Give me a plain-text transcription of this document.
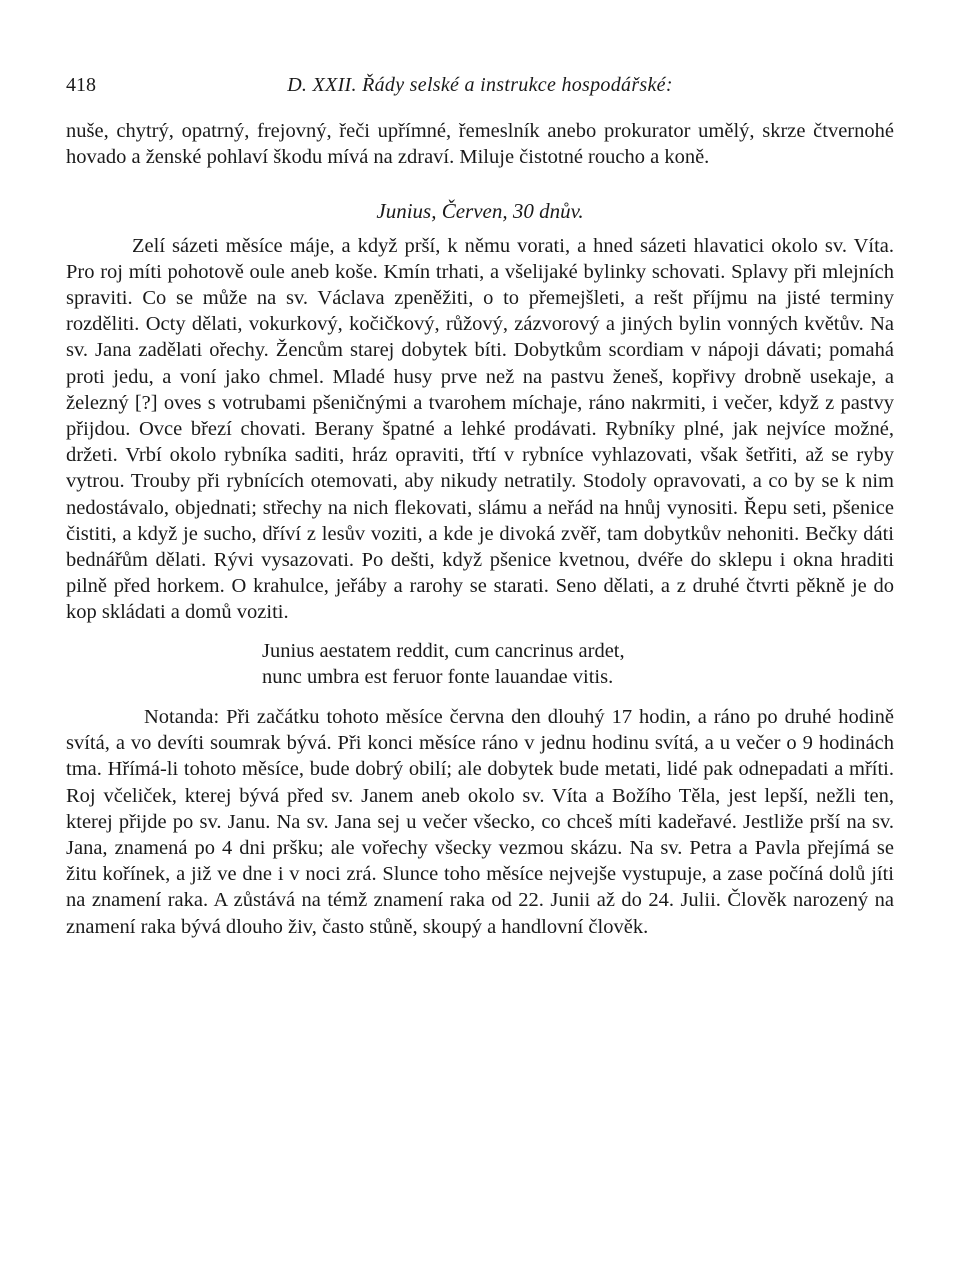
418	D. XXII. Řády selské a instrukce hospodářské:

nuše, chytrý, opatrný, frejovný, řeči upřímné, řemeslník anebo prokurator umělý, skrze čtvernohé hovado a ženské pohlaví škodu mívá na zdraví. Miluje čistotné roucho a koně.

Junius, Červen, 30 dnův.

Zelí sázeti měsíce máje, a když prší, k němu vorati, a hned sázeti hlavatici okolo sv. Víta. Pro roj míti pohotově oule aneb koše. Kmín trhati, a všelijaké bylinky schovati. Splavy při mlejních spraviti. Co se může na sv. Václava zpeněžiti, o to přemejšleti, a rešt příjmu na jisté terminy rozděliti. Octy dělati, vokurkový, kočičkový, růžový, zázvorový a jiných bylin vonných květův. Na sv. Jana zadělati ořechy. Žencům starej dobytek bíti. Dobytkům scordiam v nápoji dávati; pomahá proti jedu, a voní jako chmel. Mladé husy prve než na pastvu ženeš, kopřivy drobně usekaje, a železný [?] oves s votrubami pšeničnými a tvarohem míchaje, ráno nakrmiti, i večer, když z pastvy přijdou. Ovce březí chovati. Berany špatné a lehké prodávati. Rybníky plné, jak nejvíce možné, držeti. Vrbí okolo rybníka saditi, hráz opraviti, třtí v rybníce vyhlazovati, však šetřiti, až se ryby vytrou. Trouby při rybnících otemovati, aby nikudy netratily. Stodoly opravovati, a co by se k nim nedostávalo, objednati; střechy na nich flekovati, slámu a neřád na hnůj vynositi. Řepu seti, pšenice čistiti, a když je sucho, dříví z lesův voziti, a kde je divoká zvěř, tam dobytkův nehoniti. Bečky dáti bednářům dělati. Rývi vysazovati. Po dešti, když pšenice kvetnou, dvéře do sklepu i okna hraditi pilně před horkem. O krahulce, jeřáby a rarohy se starati. Seno dělati, a z druhé čtvrti pěkně je do kop skládati a domů voziti.

Junius aestatem reddit, cum cancrinus ardet,
nunc umbra est feruor fonte lauandae vitis.

Notanda: Při začátku tohoto měsíce června den dlouhý 17 hodin, a ráno po druhé hodině svítá, a vo devíti soumrak bývá. Při konci měsíce ráno v jednu hodinu svítá, a u večer o 9 hodinách tma. Hřímá-li tohoto měsíce, bude dobrý obilí; ale dobytek bude metati, lidé pak odnepadati a mříti. Roj včeliček, kterej bývá před sv. Janem aneb okolo sv. Víta a Božího Těla, jest lepší, nežli ten, kterej přijde po sv. Janu. Na sv. Jana sej u večer všecko, co chceš míti kadeřavé. Jestliže prší na sv. Jana, znamená po 4 dni pršku; ale vořechy všecky vezmou skázu. Na sv. Petra a Pavla přejímá se žitu kořínek, a již ve dne i v noci zrá. Slunce toho měsíce nejvejše vystupuje, a zase počíná dolů jíti na znamení raka. A zůstává na témž znamení raka od 22. Junii až do 24. Julii. Člověk narozený na znamení raka bývá dlouho živ, často stůně, skoupý a handlovní člověk.
